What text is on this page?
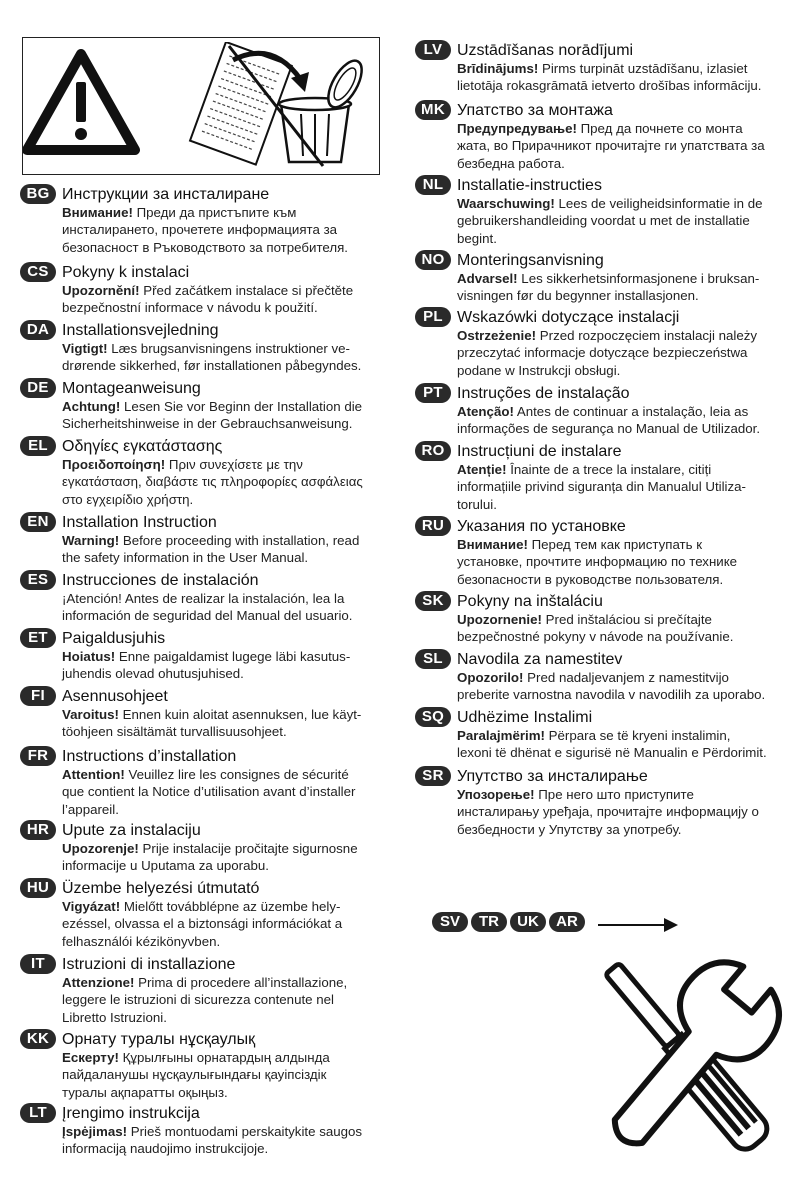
BG Инструкции за инсталиране
Внимание! Преди да пристъпите към
инсталирането, прочетете информацията за
безопасност в Ръководството за потребителя.
CS Pokyny k instalaci
Upozornění! Před začátkem instalace si přečtěte
bezpečnostní informace v návodu k použití.
DA Installationsvejledning
Vigtigt! Læs brugsanvisningens instruktioner ve-
drørende sikkerhed, før installationen påbegyndes.
DE Montageanweisung
Achtung! Lesen Sie vor Beginn der Installation die
Sicherheitshinweise in der Gebrauchsanweisung.
EL Οδηγίες εγκατάστασης
Προειδοποίηση! Πριν συνεχίσετε με την
εγκατάσταση, διαβάστε τις πληροφορίες ασφάλειας
στο εγχειρίδιο χρήστη.
EN Installation Instruction
Warning! Before proceeding with installation, read
the safety information in the User Manual.
ES Instrucciones de instalación
¡Atención! Antes de realizar la instalación, lea la
información de seguridad del Manual del usuario.
ET Paigaldusjuhis
Hoiatus! Enne paigaldamist lugege läbi kasutus-
juhendis olevad ohutusjuhised.
FI	Asennusohjeet
Varoitus! Ennen kuin aloitat asennuksen, lue käyt-
töohjeen sisältämät turvallisuusohjeet.
FR Instructions d’installation
Attention! Veuillez lire les consignes de sécurité
que contient la Notice d’utilisation avant d’installer
l’appareil.
HR Upute za instalaciju
Upozorenje! Prije instalacije pročitajte sigurnosne
informacije u Uputama za uporabu.
HU Üzembe helyezési útmutató
Vigyázat! Mielőtt továbblépne az üzembe hely-
ezéssel, olvassa el a biztonsági információkat a
felhasználói kézikönyvben.
IT	Istruzioni di installazione
Attenzione! Prima di procedere all’installazione,
leggere le istruzioni di sicurezza contenute nel
Libretto Istruzioni.
KK Орнату туралы нұсқаулық
Ескерту! Құрылғыны орнатардың алдында
пайдаланушы нұсқаулығындағы қауіпсіздік
туралы ақпаратты оқыңыз.
LT Įrengimo instrukcija
Įspėjimas! Prieš montuodami perskaitykite saugos
informaciją naudojimo instrukcijoje.
LV Uzstādīšanas norādījumi
Brīdinājums! Pirms turpināt uzstādīšanu, izlasiet
lietotāja rokasgrāmatā ietverto drošības informāciju.
MK Упатство за монтажа
Предупредување! Пред да почнете со монта
жата, во Прирачникот прочитајте ги упатствата за
безбедна работа.
NL Installatie-instructies
Waarschuwing! Lees de veiligheidsinformatie in de
gebruikershandleiding voordat u met de installatie
begint.
NO Monteringsanvisning
Advarsel! Les sikkerhetsinformasjonene i bruksan-
visningen før du begynner installasjonen.
PL Wskazówki dotyczące instalacji
Ostrzeżenie! Przed rozpoczęciem instalacji należy
przeczytać informacje dotyczące bezpieczeństwa
podane w Instrukcji obsługi.
PT Instruções de instalação
Atenção! Antes de continuar a instalação, leia as
informações de segurança no Manual de Utilizador.
RO Instrucțiuni de instalare
Atenție! Înainte de a trece la instalare, citiți
informațiile privind siguranța din Manualul Utiliza-
torului.
RU Указания по установке
Внимание! Перед тем как приступать к
установке, прочтите информацию по технике
безопасности в руководстве пользователя.
SK Pokyny na inštaláciu
Upozornenie! Pred inštaláciou si prečítajte
bezpečnostné pokyny v návode na používanie.
SL Navodila za namestitev
Opozorilo! Pred nadaljevanjem z namestitvijo
preberite varnostna navodila v navodilih za uporabo.
SQ Udhëzime Instalimi
Paralajmërim! Përpara se të kryeni instalimin,
lexoni të dhënat e sigurisë në Manualin e Përdorimit.
SR Упутство за инсталирање
Упозорење! Пре него што приступите
инсталирању уређаја, прочитајте информацију о
безбедности у Упутству за употребу.
SV TR UK AR
